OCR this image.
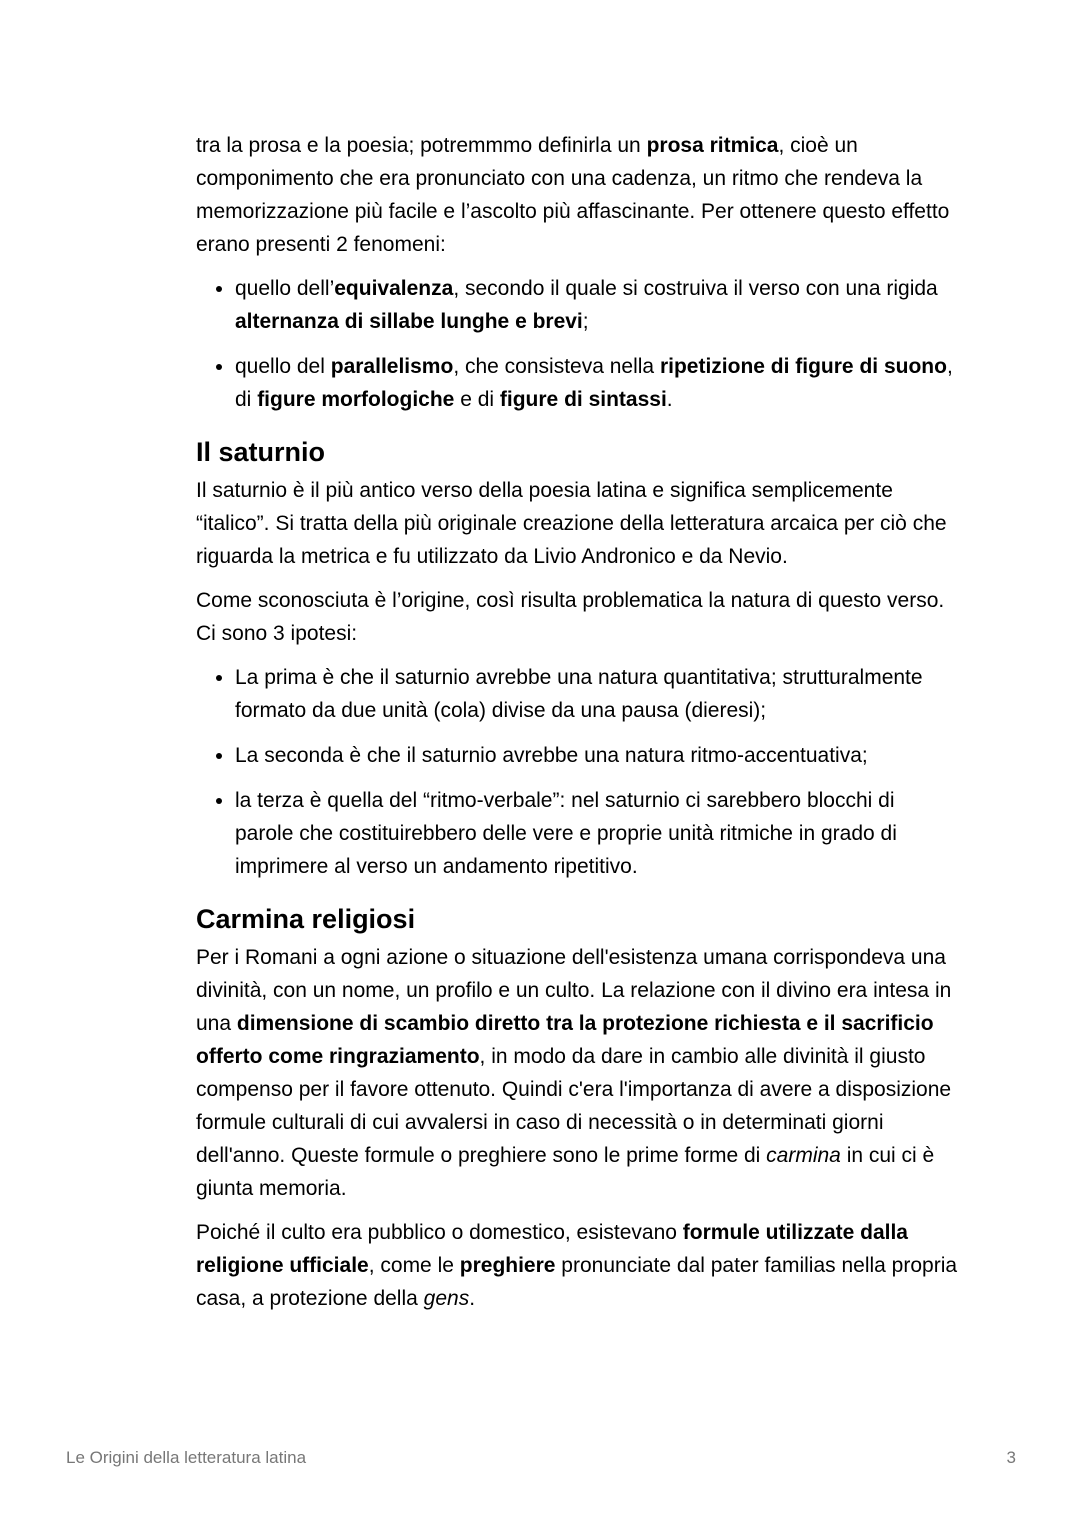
tra la prosa e la poesia; potremmmo definirla un prosa ritmica, cioè un componimento che era pronunciato con una cadenza, un ritmo che rendeva la memorizzazione più facile e l’ascolto più affascinante. Per ottenere questo effetto erano presenti 2 fenomeni:

• quello dell’equivalenza, secondo il quale si costruiva il verso con una rigida alternanza di sillabe lunghe e brevi;
• quello del parallelismo, che consisteva nella ripetizione di figure di suono, di figure morfologiche e di figure di sintassi.
Il saturnio

Il saturnio è il più antico verso della poesia latina e significa semplicemente “italico”. Si tratta della più originale creazione della letteratura arcaica per ciò che riguarda la metrica e fu utilizzato da Livio Andronico e da Nevio.

Come sconosciuta è l’origine, così risulta problematica la natura di questo verso. Ci sono 3 ipotesi:

• La prima è che il saturnio avrebbe una natura quantitativa; strutturalmente formato da due unità (cola) divise da una pausa (dieresi);
• La seconda è che il saturnio avrebbe una natura ritmo-accentuativa;
• la terza è quella del “ritmo-verbale”: nel saturnio ci sarebbero blocchi di parole che costituirebbero delle vere e proprie unità ritmiche in grado di imprimere al verso un andamento ripetitivo.
Carmina religiosi

Per i Romani a ogni azione o situazione dell'esistenza umana corrispondeva una divinità, con un nome, un profilo e un culto. La relazione con il divino era intesa in una dimensione di scambio diretto tra la protezione richiesta e il sacrificio offerto come ringraziamento, in modo da dare in cambio alle divinità il giusto compenso per il favore ottenuto. Quindi c'era l'importanza di avere a disposizione formule culturali di cui avvalersi in caso di necessità o in determinati giorni dell'anno. Queste formule o preghiere sono le prime forme di carmina in cui ci è giunta memoria.

Poiché il culto era pubblico o domestico, esistevano formule utilizzate dalla religione ufficiale, come le preghiere pronunciate dal pater familias nella propria casa, a protezione della gens.

Le Origini della letteratura latina	3
